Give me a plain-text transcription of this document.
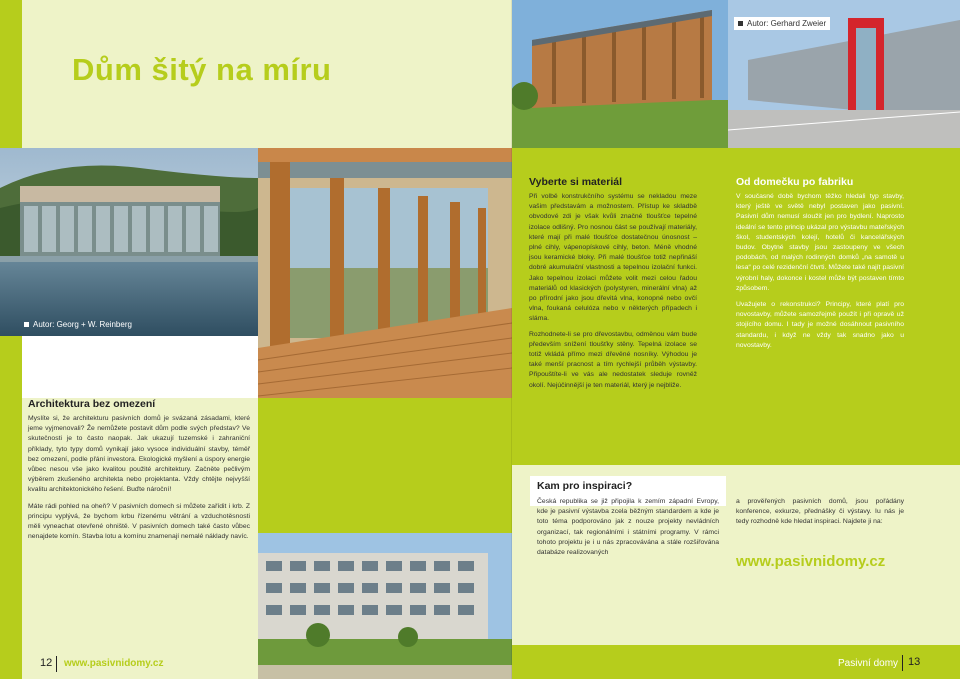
Dům šitý na míru
Autor: Georg + W. Reinberg
Architektura bez omezení

Myslíte si, že architekturu pasivních domů je svázaná zásadami, které jeme vyjmenovali? Že nemůžete postavit dům podle svých představ? Ve skutečnosti je to často naopak. Jak ukazují tuzemské i zahraniční příklady, tyto typy domů vynikají jako vysoce individuální stavby, téměř bez omezení, podle přání investora. Ekologické myšlení a úspory energie vůbec nesou vše jako kvalitou použité architektury. Začněte pečlivým výběrem zkušeného architekta nebo projektanta. Vždy chtějte nejvyšší kvalitu architektonického řešení. Buďte nároční!

Máte rádi pohled na oheň? V pasivních domech si můžete zařídit i krb. Z principu vyplývá, že bychom krbu řízenému větrání a vzduchotěsnosti měli vyneachat otevřené ohniště. V pasivních domech také často vůbec nenajdete komín. Stavba lotu a komínu znamenají nemalé náklady navíc.

12 www.pasivnidomy.cz
Autor: Gerhard Zweier
Vyberte si materiál

Při volbě konstrukčního systému se nekladou meze vašim představám a možnostem. Přístup ke skladbě obvodové zdi je však kvůli značné tloušťce tepelné izolace odlišný. Pro nosnou část se používají materiály, které mají při malé tloušťce dostatečnou únosnost – plné cihly, vápenopískové cihly, beton. Méně vhodné jsou keramické bloky. Při malé tloušťce totiž nepřináší dobré akumulační vlastnosti a tepelnou izolační funkci. Jako tepelnou izolaci můžete volit mezi celou řadou materiálů od klasických (polystyren, minerální vlna) až po přírodní jako jsou dřevitá vlna, konopné nebo ovčí vlna, foukaná celulóza nebo v některých případech i sláma.

Rozhodnete-li se pro dřevostavbu, odměnou vám bude především snížení tloušťky stěny. Tepelná izolace se totiž vkládá přímo mezi dřevěné nosníky. Výhodou je také menší pracnost a tím rychlejší průběh výstavby. Připouštíte-li ve vás ale nedostatek sleduje rovněž okolí. Nejúčinnější je ten materiál, který je nejbliže.

Od domečku po fabriku

V současné době bychom těžko hledali typ stavby, který ještě ve světě nebyl postaven jako pasivní. Pasivní dům nemusí sloužit jen pro bydlení. Naprosto ideální se tento princip ukázal pro výstavbu mateřských škol, studentských kolejí, hotelů či kancelářských budov. Obytné stavby jsou zastoupeny ve všech podobách, od malých rodinných domků „na samotě u lesa“ po celé rezidenční čtvrti. Můžete také najít pasivní výrobní haly, dokonce i kostel může být postaven tímto způsobem.

Uvažujete o rekonstrukci? Principy, které platí pro novostavby, můžete samozřejmě použít i při opravě už stojícího domu. I tady je možné dosáhnout pasivního standardu, i když ne vždy tak snadno jako u novostavby.

Kam pro inspiraci?
Česká republika se již připojila k zemím západní Evropy, kde je pasivní výstavba zcela běžným standardem a kde je toto téma podporováno jak z nouze projekty nevládních organizací, tak regionálními i státními programy. V rámci tohoto projektu je i u nás zpracovávána a stále rozšiřována databáze realizovaných
a prověřených pasivních domů, jsou pořádány konference, exkurze, přednášky či výstavy. Iu nás je tedy rozhodně kde hledat inspiraci. Najdete ji na:
www.pasivnidomy.cz
Pasivní domy 13
